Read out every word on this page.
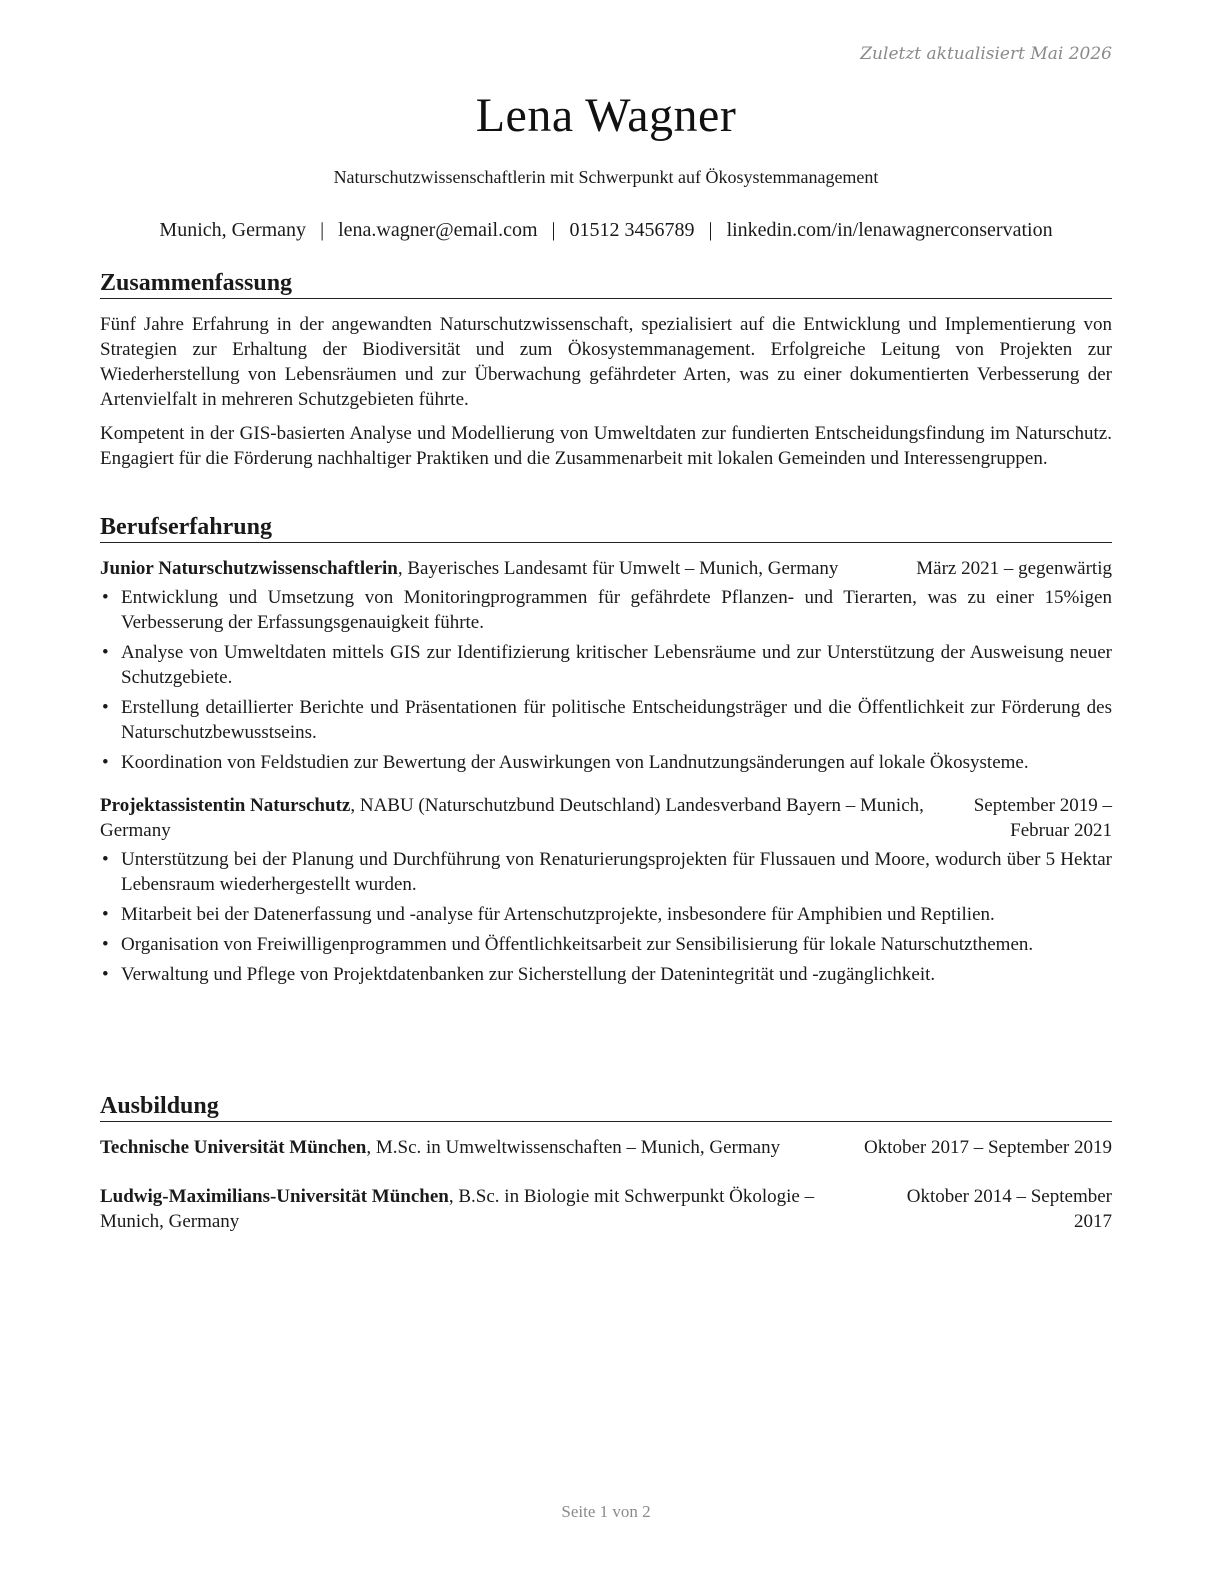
Zuletzt aktualisiert Mai 2026
Lena Wagner
Naturschutzwissenschaftlerin mit Schwerpunkt auf Ökosystemmanagement
Munich, Germany | lena.wagner@email.com | 01512 3456789 | linkedin.com/in/lenawagnerconservation
Zusammenfassung

Fünf Jahre Erfahrung in der angewandten Naturschutzwissenschaft, spezialisiert auf die Entwicklung und Implementierung von Strategien zur Erhaltung der Biodiversität und zum Ökosystemmanagement. Erfolgreiche Leitung von Projekten zur Wiederherstellung von Lebensräumen und zur Überwachung gefährdeter Arten, was zu einer dokumentierten Verbesserung der Artenvielfalt in mehreren Schutzgebieten führte.

Kompetent in der GIS-basierten Analyse und Modellierung von Umweltdaten zur fundierten Entscheidungsfindung im Naturschutz. Engagiert für die Förderung nachhaltiger Praktiken und die Zusammenarbeit mit lokalen Gemeinden und Interessengruppen.

Berufserfahrung
Junior Naturschutzwissenschaftlerin, Bayerisches Landesamt für Umwelt – Munich, Germany	März 2021 – gegenwärtig
• Entwicklung und Umsetzung von Monitoringprogrammen für gefährdete Pflanzen- und Tierarten, was zu einer 15%igen Verbesserung der Erfassungsgenauigkeit führte.
• Analyse von Umweltdaten mittels GIS zur Identifizierung kritischer Lebensräume und zur Unterstützung der Ausweisung neuer Schutzgebiete.
• Erstellung detaillierter Berichte und Präsentationen für politische Entscheidungsträger und die Öffentlichkeit zur Förderung des Naturschutzbewusstseins.
• Koordination von Feldstudien zur Bewertung der Auswirkungen von Landnutzungsänderungen auf lokale Ökosysteme.
Projektassistentin Naturschutz, NABU (Naturschutzbund Deutschland) Landesverband Bayern – Munich, Germany
September 2019 – Februar 2021
• Unterstützung bei der Planung und Durchführung von Renaturierungsprojekten für Flussauen und Moore, wodurch über 5 Hektar Lebensraum wiederhergestellt wurden.
• Mitarbeit bei der Datenerfassung und -analyse für Artenschutzprojekte, insbesondere für Amphibien und Reptilien.
• Organisation von Freiwilligenprogrammen und Öffentlichkeitsarbeit zur Sensibilisierung für lokale Naturschutzthemen.
• Verwaltung und Pflege von Projektdatenbanken zur Sicherstellung der Datenintegrität und -zugänglichkeit.
Ausbildung
Technische Universität München, M.Sc. in Umweltwissenschaften – Munich, Germany	Oktober 2017 – September 2019
Ludwig-Maximilians-Universität München, B.Sc. in Biologie mit Schwerpunkt Ökologie – Munich, Germany
Oktober 2014 – September 2017
Seite 1 von 2
